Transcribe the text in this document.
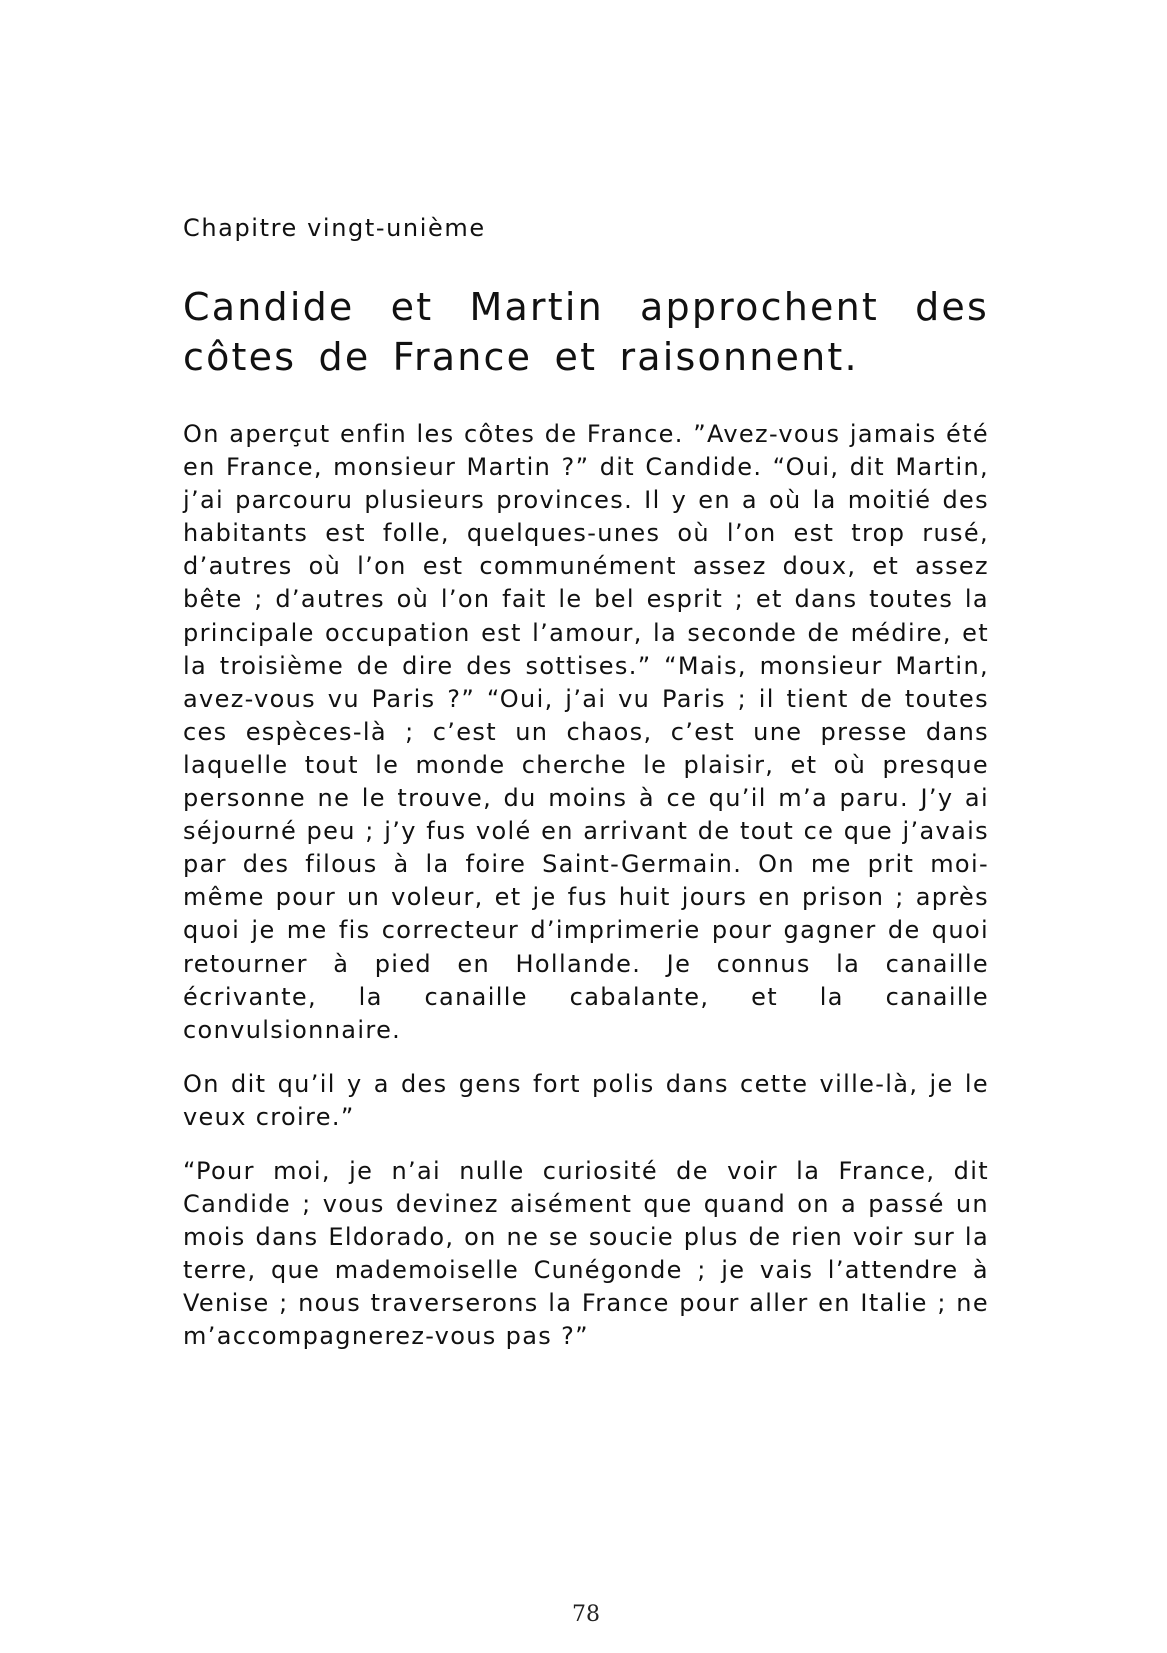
Chapitre vingt-unième

Candide et Martin approchent des côtes de France et raisonnent.

On aperçut enfin les côtes de France. ”Avez-vous jamais été en France, monsieur Martin ?” dit Candide. “Oui, dit Martin, j’ai parcouru plusieurs provinces. Il y en a où la moitié des habitants est folle, quelques-unes où l’on est trop rusé, d’autres où l’on est communément assez doux, et assez bête ; d’autres où l’on fait le bel esprit ; et dans toutes la principale occupation est l’amour, la seconde de médire, et la troisième de dire des sottises.” “Mais, monsieur Martin, avez-vous vu Paris ?” “Oui, j’ai vu Paris ; il tient de toutes ces espèces-là ; c’est un chaos, c’est une presse dans laquelle tout le monde cherche le plaisir, et où presque personne ne le trouve, du moins à ce qu’il m’a paru. J’y ai séjourné peu ; j’y fus volé en arrivant de tout ce que j’avais par des filous à la foire Saint-Germain. On me prit moi-même pour un voleur, et je fus huit jours en prison ; après quoi je me fis correcteur d’imprimerie pour gagner de quoi retourner à pied en Hollande. Je connus la canaille écrivante, la canaille cabalante, et la canaille convulsionnaire.

On dit qu’il y a des gens fort polis dans cette ville-là, je le veux croire.”

“Pour moi, je n’ai nulle curiosité de voir la France, dit Candide ; vous devinez aisément que quand on a passé un mois dans Eldorado, on ne se soucie plus de rien voir sur la terre, que mademoiselle Cunégonde ; je vais l’attendre à Venise ; nous traverserons la France pour aller en Italie ; ne m’accompagnerez-vous pas ?”

78
